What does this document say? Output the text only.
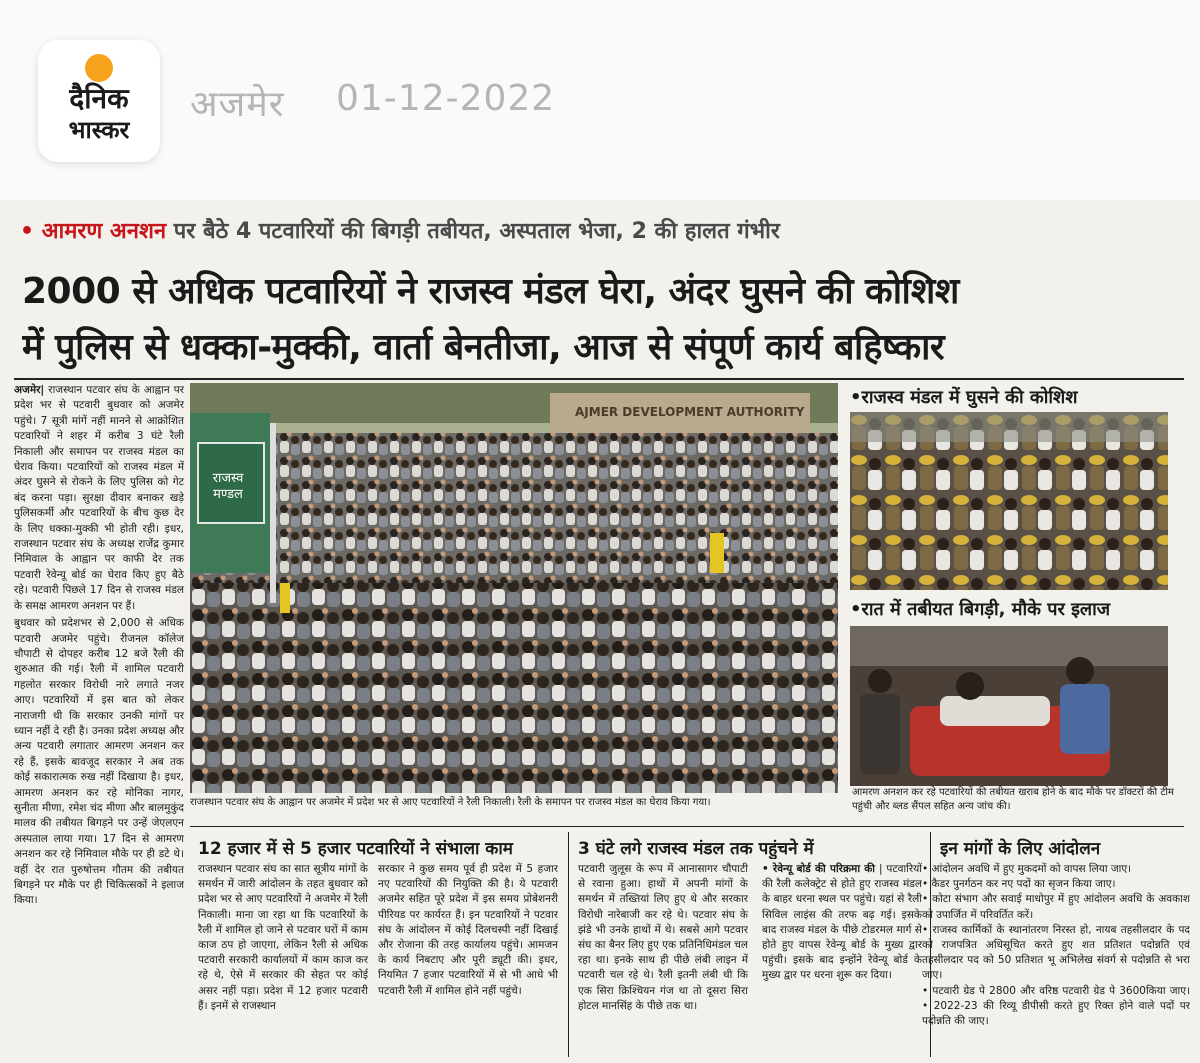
दैनिक
भास्कर
अजमेर 01-12-2022
• आमरण अनशन पर बैठे 4 पटवारियों की बिगड़ी तबीयत, अस्पताल भेजा, 2 की हालत गंभीर
2000 से अधिक पटवारियों ने राजस्व मंडल घेरा, अंदर घुसने की कोशिश
में पुलिस से धक्का-मुक्की, वार्ता बेनतीजा, आज से संपूर्ण कार्य बहिष्कार

अजमेर| राजस्थान पटवार संघ के आह्वान पर प्रदेश भर से पटवारी बुधवार को अजमेर पहुंचे। 7 सूत्री मांगें नहीं मानने से आक्रोशित पटवारियों ने शहर में करीब 3 घंटे रैली निकाली और समापन पर राजस्व मंडल का घेराव किया। पटवारियों को राजस्व मंडल में अंदर घुसने से रोकने के लिए पुलिस को गेट बंद करना पड़ा। सुरक्षा दीवार बनाकर खड़े पुलिसकर्मी और पटवारियों के बीच कुछ देर के लिए धक्का-मुक्की भी होती रही। इधर, राजस्थान पटवार संघ के अध्यक्ष राजेंद्र कुमार निमिवाल के आह्वान पर काफी देर तक पटवारी रेवेन्यू बोर्ड का घेराव किए हुए बैठे रहे। पटवारी पिछले 17 दिन से राजस्व मंडल के समक्ष आमरण अनशन पर हैं।

बुधवार को प्रदेशभर से 2,000 से अधिक पटवारी अजमेर पहुंचे। रीजनल कॉलेज चौपाटी से दोपहर करीब 12 बजे रैली की शुरुआत की गई। रैली में शामिल पटवारी गहलोत सरकार विरोधी नारे लगाते नजर आए। पटवारियों में इस बात को लेकर नाराजगी थी कि सरकार उनकी मांगों पर ध्यान नहीं दे रही है। उनका प्रदेश अध्यक्ष और अन्य पटवारी लगातार आमरण अनशन कर रहे हैं, इसके बावजूद सरकार ने अब तक कोई सकारात्मक रुख नहीं दिखाया है। इधर, आमरण अनशन कर रहे मोनिका नागर, सुनीता मीणा, रमेश चंद मीणा और बालमुकुंद मालव की तबीयत बिगड़ने पर उन्हें जेएलएन अस्पताल लाया गया। 17 दिन से आमरण अनशन कर रहे निमिवाल मौके पर ही डटे थे। वहीं देर रात पुरुषोत्तम गौतम की तबीयत बिगड़ने पर मौके पर ही चिकित्सकों ने इलाज किया।

राजस्व
मण्डल
AJMER DEVELOPMENT AUTHORITY
राजस्थान पटवार संघ के आह्वान पर अजमेर में प्रदेश भर से आए पटवारियों ने रैली निकाली। रैली के समापन पर राजस्व मंडल का घेराव किया गया।
•राजस्व मंडल में घुसने की कोशिश
•रात में तबीयत बिगड़ी, मौके पर इलाज
आमरण अनशन कर रहे पटवारियों की तबीयत खराब होने के बाद मौके पर डॉक्टरों की टीम पहुंची और ब्लड सैंपल सहित अन्य जांच की।
12 हजार में से 5 हजार पटवारियों ने संभाला काम
राजस्थान पटवार संघ का सात सूत्रीय मांगों के समर्थन में जारी आंदोलन के तहत बुधवार को प्रदेश भर से आए पटवारियों ने अजमेर में रैली निकाली। माना जा रहा था कि पटवारियों के रैली में शामिल हो जाने से पटवार घरों में काम काज ठप हो जाएगा, लेकिन रैली से अधिक पटवारी सरकारी कार्यालयों में काम काज कर रहे थे, ऐसे में सरकार की सेहत पर कोई असर नहीं पड़ा। प्रदेश में 12 हजार पटवारी हैं। इनमें से राजस्थान
सरकार ने कुछ समय पूर्व ही प्रदेश में 5 हजार नए पटवारियों की नियुक्ति की है। ये पटवारी अजमेर सहित पूरे प्रदेश में इस समय प्रोबेशनरी पीरियड पर कार्यरत हैं। इन पटवारियों ने पटवार संघ के आंदोलन में कोई दिलचस्पी नहीं दिखाई और रोजाना की तरह कार्यालय पहुंचे। आमजन के कार्य निबटाए और पूरी ड्यूटी की। इधर, नियमित 7 हजार पटवारियों में से भी आधे भी पटवारी रैली में शामिल होने नहीं पहुंचे।
3 घंटे लगे राजस्व मंडल तक पहुंचने में
पटवारी जुलूस के रूप में आनासागर चौपाटी से रवाना हुआ। हाथों में अपनी मांगों के समर्थन में तख्तियां लिए हुए थे और सरकार विरोधी नारेबाजी कर रहे थे। पटवार संघ के झंडे भी उनके हाथों में थे। सबसे आगे पटवार संघ का बैनर लिए हुए एक प्रतिनिधिमंडल चल रहा था। इनके साथ ही पीछे लंबी लाइन में पटवारी चल रहे थे। रैली इतनी लंबी थी कि एक सिरा क्रिश्चियन गंज था तो दूसरा सिरा होटल मानसिंह के पीछे तक था।
• रेवेन्यू बोर्ड की परिक्रमा की | पटवारियों की रैली कलेक्ट्रेट से होते हुए राजस्व मंडल के बाहर धरना स्थल पर पहुंचे। यहां से रैली सिविल लाइंस की तरफ बढ़ गई। इसके बाद राजस्व मंडल के पीछे टोडरमल मार्ग से होते हुए वापस रेवेन्यू बोर्ड के मुख्य द्वार पहुंची। इसके बाद इन्होंने रेवेन्यू बोर्ड के मुख्य द्वार पर धरना शुरू कर दिया।
इन मांगों के लिए आंदोलन
• आंदोलन अवधि में हुए मुकदमों को वापस लिया जाए।
• कैडर पुनर्गठन कर नए पदों का सृजन किया जाए।
• कोटा संभाग और सवाई माधोपुर में हुए आंदोलन अवधि के अवकाश को उपार्जित में परिवर्तित करें।
• राजस्व कार्मिकों के स्थानांतरण निरस्त हो, नायब तहसीलदार के पद को राजपत्रित अधिसूचित करते हुए शत प्रतिशत पदोन्नति एवं तहसीलदार पद को 50 प्रतिशत भू अभिलेख संवर्ग से पदोन्नति से भरा जाए।
• पटवारी ग्रेड पे 2800 और वरिष्ठ पटवारी ग्रेड पे 3600किया जाए। • 2022-23 की रिव्यू डीपीसी करते हुए रिक्त होने वाले पदों पर पदोन्नति की जाए।
